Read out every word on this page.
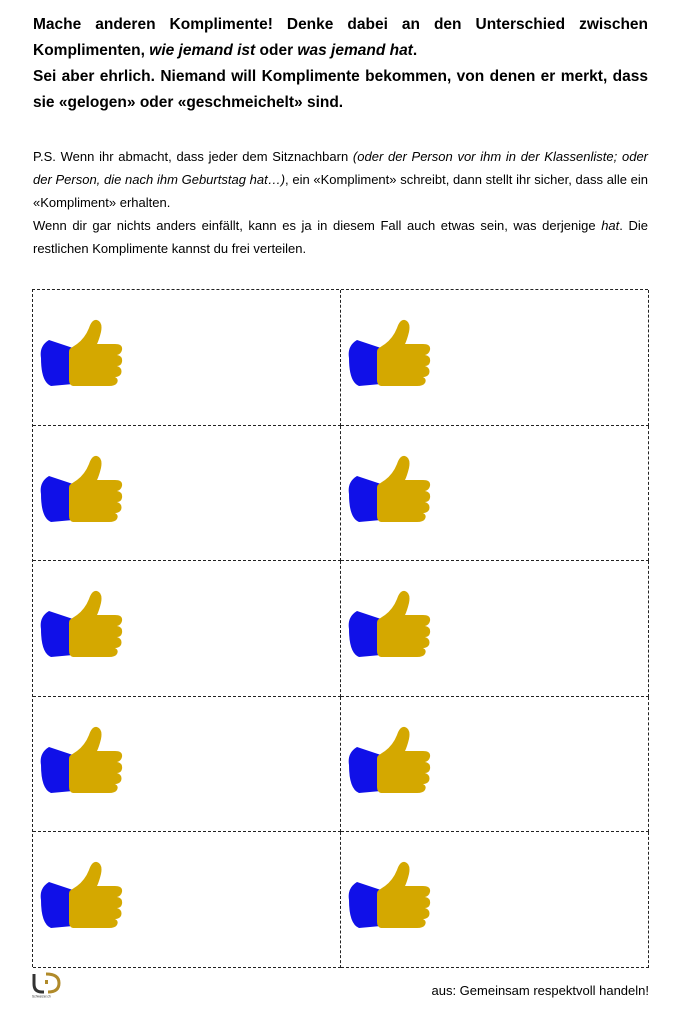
Mache anderen Komplimente! Denke dabei an den Unterschied zwischen Komplimenten, wie jemand ist oder was jemand hat.

Sei aber ehrlich. Niemand will Komplimente bekommen, von denen er merkt, dass sie «gelogen» oder «geschmeichelt» sind.

P.S. Wenn ihr abmacht, dass jeder dem Sitznachbarn (oder der Person vor ihm in der Klassenliste; oder der Person, die nach ihm Geburtstag hat…), ein «Kompliment» schreibt, dann stellt ihr sicher, dass alle ein «Kompliment» erhalten.

Wenn dir gar nichts anders einfällt, kann es ja in diesem Fall auch etwas sein, was derjenige hat. Die restlichen Komplimente kannst du frei verteilen.

Schweizer.ch	aus: Gemeinsam respektvoll handeln!
